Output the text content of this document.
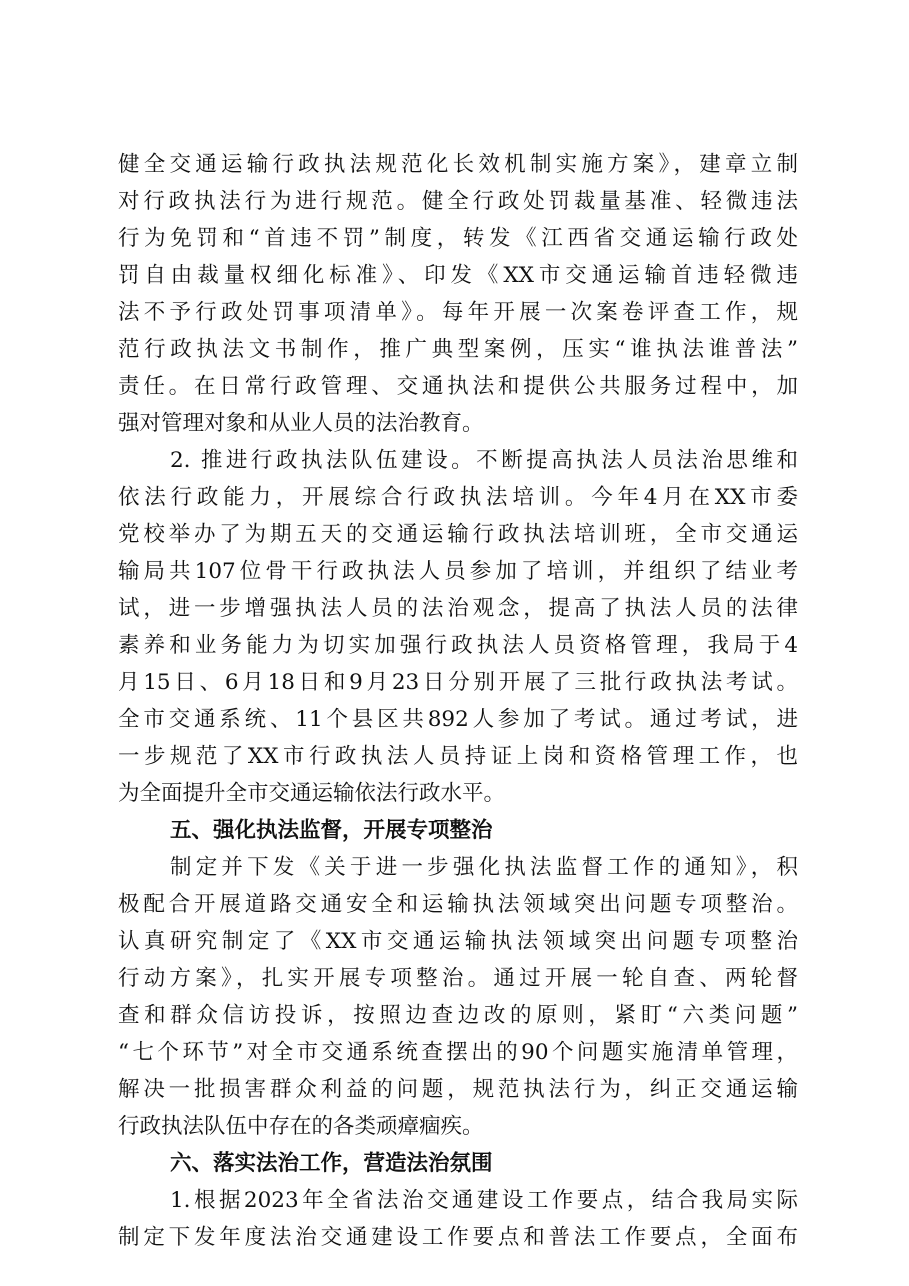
健全交通运输行政执法规范化长效机制实施方案》，建章立制
对行政执法行为进行规范。健全行政处罚裁量基准、轻微违法
行为免罚和“首违不罚”制度，转发《江西省交通运输行政处
罚自由裁量权细化标准》、印发《XX市交通运输首违轻微违
法不予行政处罚事项清单》。每年开展一次案卷评查工作，规
范行政执法文书制作，推广典型案例，压实“谁执法谁普法”
责任。在日常行政管理、交通执法和提供公共服务过程中，加
强对管理对象和从业人员的法治教育。
2. 推进行政执法队伍建设。不断提高执法人员法治思维和
依法行政能力，开展综合行政执法培训。今年4月在XX市委
党校举办了为期五天的交通运输行政执法培训班，全市交通运
输局共107位骨干行政执法人员参加了培训，并组织了结业考
试，进一步增强执法人员的法治观念，提高了执法人员的法律
素养和业务能力为切实加强行政执法人员资格管理，我局于4
月15日、6月18日和9月23日分别开展了三批行政执法考试。
全市交通系统、11个县区共892人参加了考试。通过考试，进
一步规范了XX市行政执法人员持证上岗和资格管理工作，也
为全面提升全市交通运输依法行政水平。
五、强化执法监督，开展专项整治
制定并下发《关于进一步强化执法监督工作的通知》，积
极配合开展道路交通安全和运输执法领域突出问题专项整治。
认真研究制定了《XX市交通运输执法领域突出问题专项整治
行动方案》，扎实开展专项整治。通过开展一轮自查、两轮督
查和群众信访投诉，按照边查边改的原则，紧盯“六类问题”
“七个环节”对全市交通系统查摆出的90个问题实施清单管理，
解决一批损害群众利益的问题，规范执法行为，纠正交通运输
行政执法队伍中存在的各类顽瘴痼疾。
六、落实法治工作，营造法治氛围
1.根据2023年全省法治交通建设工作要点，结合我局实际
制定下发年度法治交通建设工作要点和普法工作要点，全面布
